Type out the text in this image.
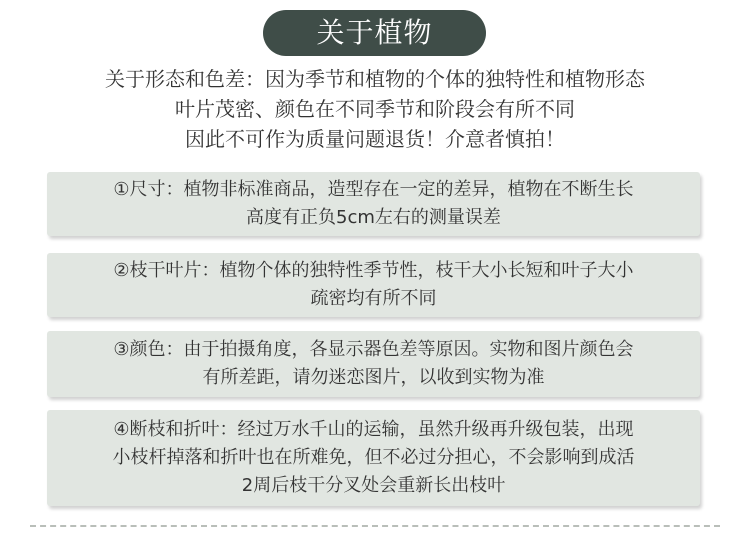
关于植物
关于形态和色差：因为季节和植物的个体的独特性和植物形态
叶片茂密、颜色在不同季节和阶段会有所不同
因此不可作为质量问题退货！介意者慎拍！
①尺寸：植物非标准商品，造型存在一定的差异，植物在不断生长
高度有正负5cm左右的测量误差
②枝干叶片：植物个体的独特性季节性，枝干大小长短和叶子大小
疏密均有所不同
③颜色：由于拍摄角度，各显示器色差等原因。实物和图片颜色会
有所差距，请勿迷恋图片，以收到实物为准
④断枝和折叶：经过万水千山的运输，虽然升级再升级包装，出现
小枝杆掉落和折叶也在所难免，但不必过分担心，不会影响到成活
2周后枝干分叉处会重新长出枝叶
